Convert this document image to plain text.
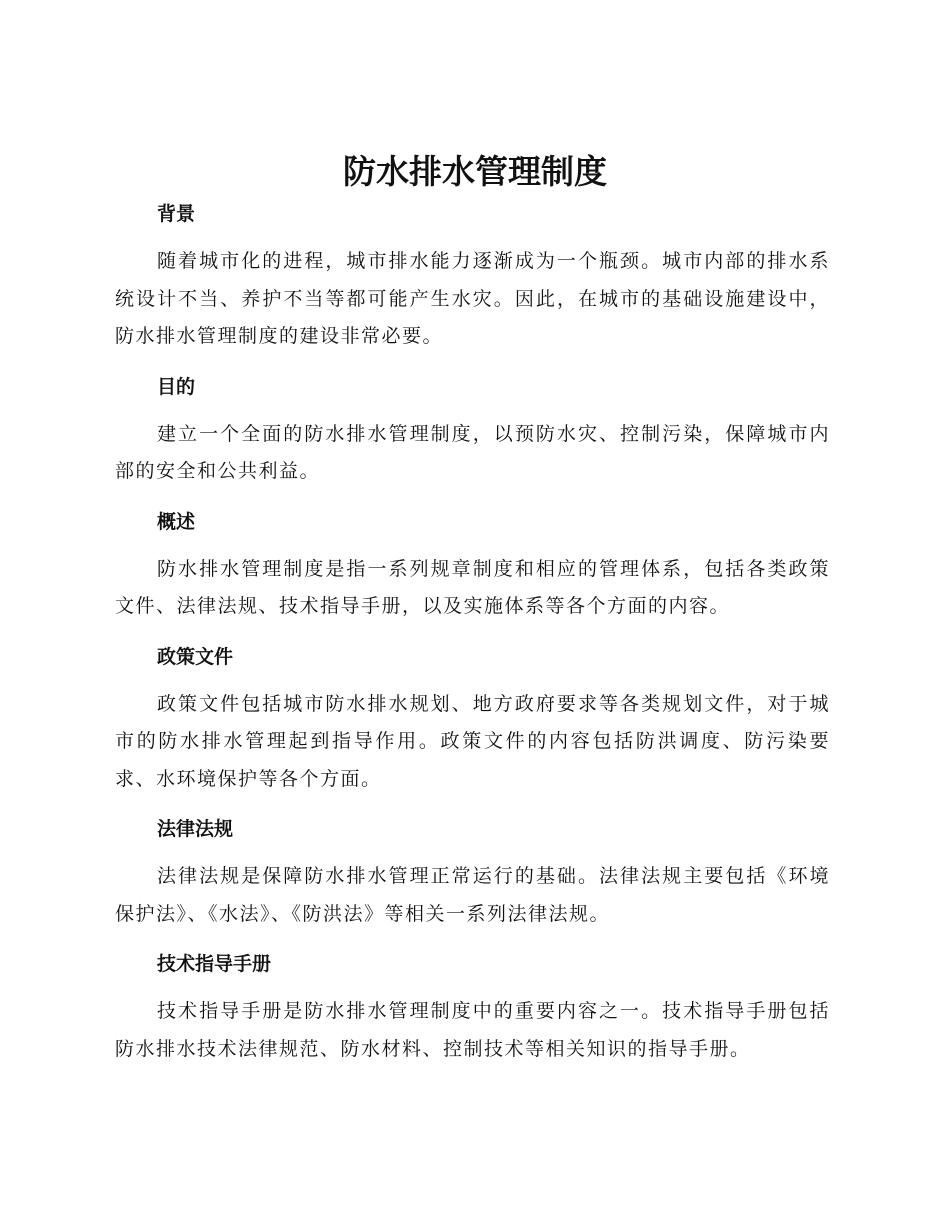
防水排水管理制度
背景

随着城市化的进程，城市排水能力逐渐成为一个瓶颈。城市内部的排水系统设计不当、养护不当等都可能产生水灾。因此，在城市的基础设施建设中，防水排水管理制度的建设非常必要。

目的

建立一个全面的防水排水管理制度，以预防水灾、控制污染，保障城市内部的安全和公共利益。

概述

防水排水管理制度是指一系列规章制度和相应的管理体系，包括各类政策文件、法律法规、技术指导手册，以及实施体系等各个方面的内容。

政策文件

政策文件包括城市防水排水规划、地方政府要求等各类规划文件，对于城市的防水排水管理起到指导作用。政策文件的内容包括防洪调度、防污染要求、水环境保护等各个方面。

法律法规

法律法规是保障防水排水管理正常运行的基础。法律法规主要包括《环境保护法》、《水法》、《防洪法》等相关一系列法律法规。

技术指导手册

技术指导手册是防水排水管理制度中的重要内容之一。技术指导手册包括防水排水技术法律规范、防水材料、控制技术等相关知识的指导手册。
